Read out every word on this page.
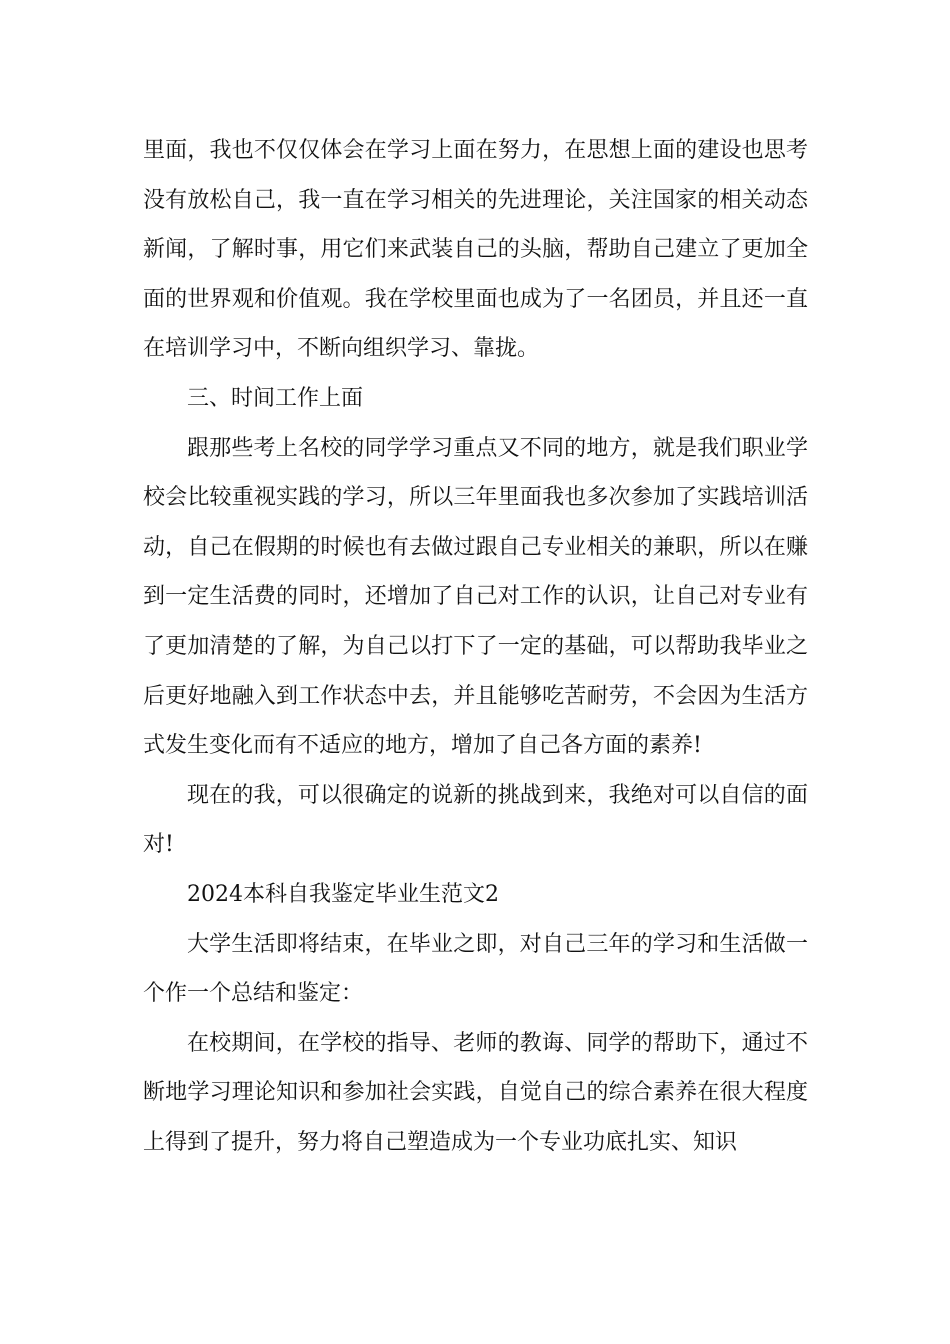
里面，我也不仅仅体会在学习上面在努力，在思想上面的建设也思考没有放松自己，我一直在学习相关的先进理论，关注国家的相关动态新闻，了解时事，用它们来武装自己的头脑，帮助自己建立了更加全面的世界观和价值观。我在学校里面也成为了一名团员，并且还一直在培训学习中，不断向组织学习、靠拢。

三、时间工作上面

跟那些考上名校的同学学习重点又不同的地方，就是我们职业学校会比较重视实践的学习，所以三年里面我也多次参加了实践培训活动，自己在假期的时候也有去做过跟自己专业相关的兼职，所以在赚到一定生活费的同时，还增加了自己对工作的认识，让自己对专业有了更加清楚的了解，为自己以打下了一定的基础，可以帮助我毕业之后更好地融入到工作状态中去，并且能够吃苦耐劳，不会因为生活方式发生变化而有不适应的地方，增加了自己各方面的素养!

现在的我，可以很确定的说新的挑战到来，我绝对可以自信的面对!

2024本科自我鉴定毕业生范文2

大学生活即将结束，在毕业之即，对自己三年的学习和生活做一个作一个总结和鉴定：

在校期间，在学校的指导、老师的教诲、同学的帮助下，通过不断地学习理论知识和参加社会实践，自觉自己的综合素养在很大程度上得到了提升，努力将自己塑造成为一个专业功底扎实、知识
